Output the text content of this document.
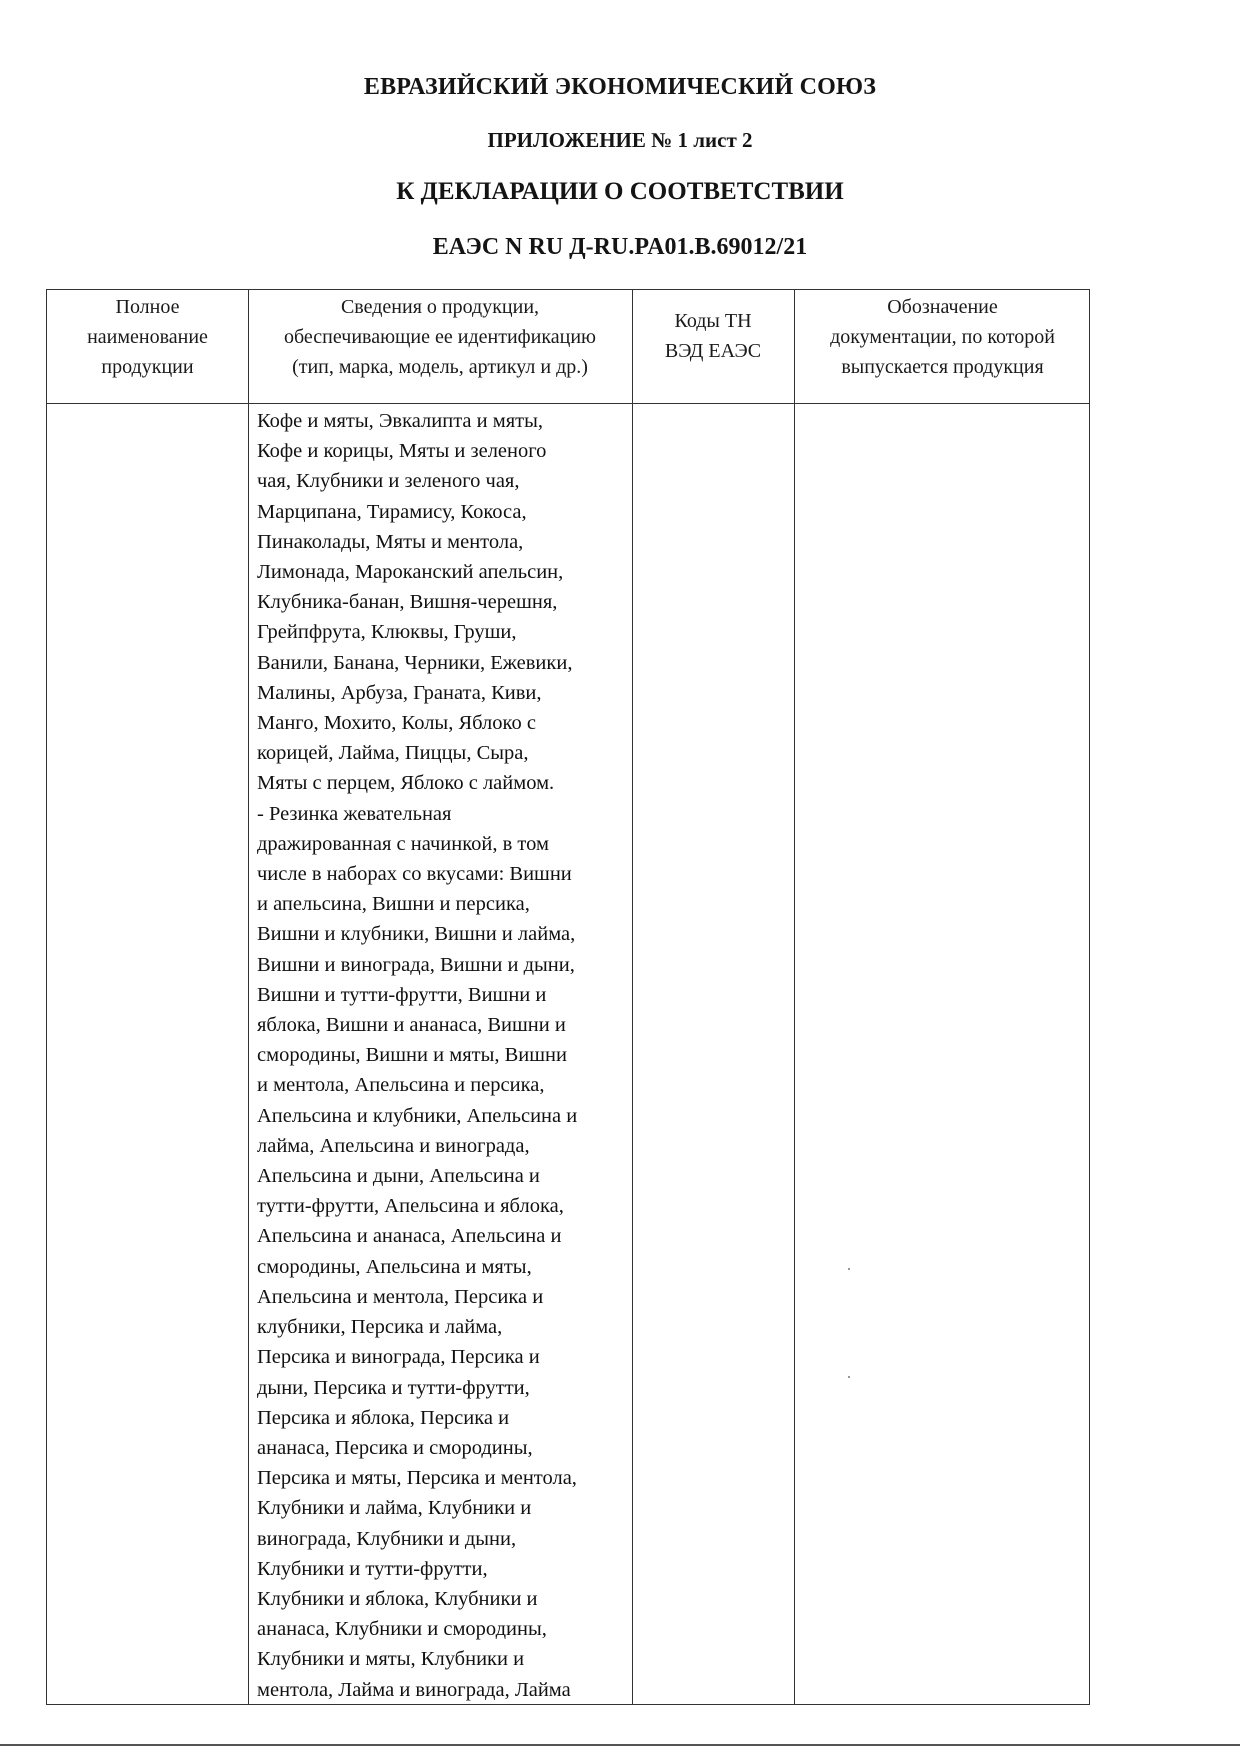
ЕВРАЗИЙСКИЙ ЭКОНОМИЧЕСКИЙ СОЮЗ
ПРИЛОЖЕНИЕ № 1 лист 2
К ДЕКЛАРАЦИИ О СООТВЕТСТВИИ
ЕАЭС N RU Д-RU.PA01.B.69012/21
Полное
наименование
продукции
Сведения о продукции,
обеспечивающие ее идентификацию
(тип, марка, модель, артикул и др.)
Коды ТН
ВЭД ЕАЭС
Обозначение
документации, по которой
выпускается продукция
Кофе и мяты, Эвкалипта и мяты,
Кофе и корицы, Мяты и зеленого
чая, Клубники и зеленого чая,
Марципана, Тирамису, Кокоса,
Пинаколады, Мяты и ментола,
Лимонада, Мароканский апельсин,
Клубника-банан, Вишня-черешня,
Грейпфрута, Клюквы, Груши,
Ванили, Банана, Черники, Ежевики,
Малины, Арбуза, Граната, Киви,
Манго, Мохито, Колы, Яблоко с
корицей, Лайма, Пиццы, Сыра,
Мяты с перцем, Яблоко с лаймом.
- Резинка жевательная
дражированная с начинкой, в том
числе в наборах со вкусами: Вишни
и апельсина, Вишни и персика,
Вишни и клубники, Вишни и лайма,
Вишни и винограда, Вишни и дыни,
Вишни и тутти-фрутти, Вишни и
яблока, Вишни и ананаса, Вишни и
смородины, Вишни и мяты, Вишни
и ментола, Апельсина и персика,
Апельсина и клубники, Апельсина и
лайма, Апельсина и винограда,
Апельсина и дыни, Апельсина и
тутти-фрутти, Апельсина и яблока,
Апельсина и ананаса, Апельсина и
смородины, Апельсина и мяты,
Апельсина и ментола, Персика и
клубники, Персика и лайма,
Персика и винограда, Персика и
дыни, Персика и тутти-фрутти,
Персика и яблока, Персика и
ананаса, Персика и смородины,
Персика и мяты, Персика и ментола,
Клубники и лайма, Клубники и
винограда, Клубники и дыни,
Клубники и тутти-фрутти,
Клубники и яблока, Клубники и
ананаса, Клубники и смородины,
Клубники и мяты, Клубники и
ментола, Лайма и винограда, Лайма
